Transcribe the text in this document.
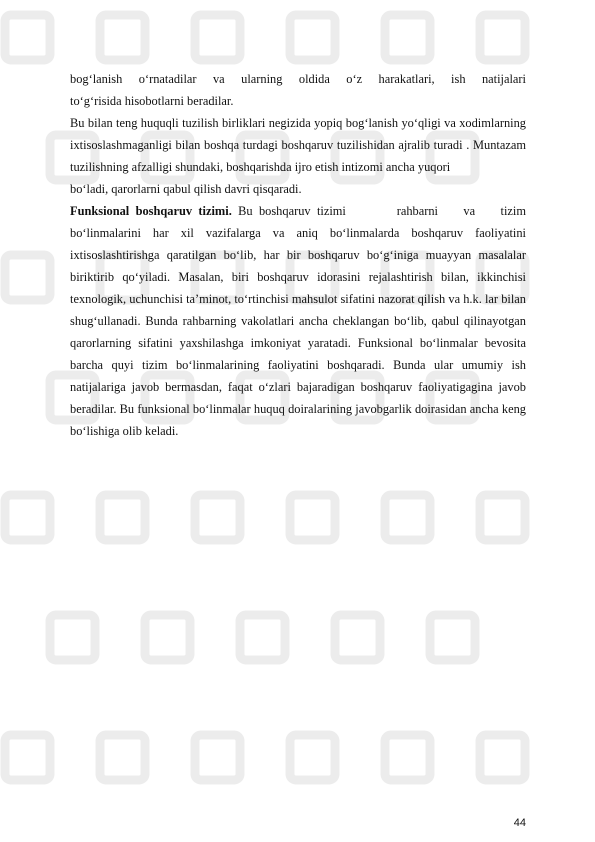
bog‘lanish o‘rnatadilar va ularning oldida o‘z harakatlari, ish natijalari

to‘g‘risida hisobotlarni beradilar.

Bu bilan teng huquqli tuzilish birliklari negizida yopiq bog‘lanish yo‘qligi va xodimlarning ixtisoslashmaganligi bilan boshqa turdagi boshqaruv tuzilishidan ajralib turadi . Muntazam tuzilishning afzalligi shundaki, boshqarishda ijro etish intizomi ancha yuqori

bo‘ladi, qarorlarni qabul qilish davri qisqaradi.

Funksional boshqaruv tizimi. Bu boshqaruv tizimi        rahbarni    va    tizim

bo‘linmalarini har xil vazifalarga va aniq bo‘linmalarda boshqaruv faoliyatini ixtisoslashtirishga qaratilgan bo‘lib, har bir boshqaruv bo‘g‘iniga muayyan masalalar biriktirib qo‘yiladi. Masalan, biri boshqaruv idorasini rejalashtirish bilan, ikkinchisi texnologik, uchunchisi ta’minot, to‘rtinchisi mahsulot sifatini nazorat qilish va h.k. lar bilan shug‘ullanadi. Bunda rahbarning vakolatlari ancha cheklangan bo‘lib, qabul qilinayotgan qarorlarning sifatini yaxshilashga imkoniyat yaratadi. Funksional bo‘linmalar bevosita barcha quyi tizim bo‘linmalarining faoliyatini boshqaradi. Bunda ular umumiy ish natijalariga javob bermasdan, faqat o‘zlari bajaradigan boshqaruv faoliyatigagina javob beradilar. Bu funksional bo‘linmalar huquq doiralarining javobgarlik doirasidan ancha keng bo‘lishiga olib keladi.

44
